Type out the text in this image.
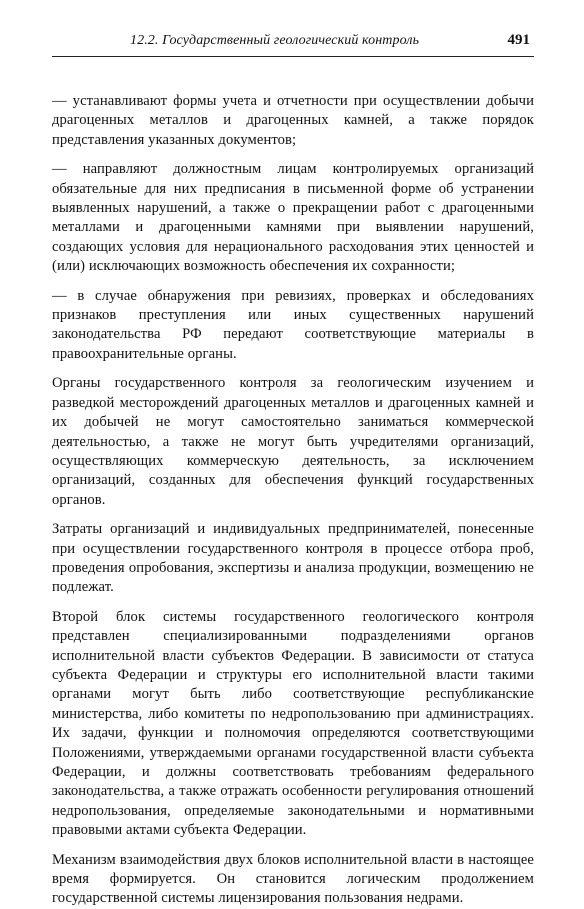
12.2. Государственный геологический контроль	491

— устанавливают формы учета и отчетности при осуществлении добычи драгоценных металлов и драгоценных камней, а также порядок представления указанных документов;

— направляют должностным лицам контролируемых организаций обязательные для них предписания в письменной форме об устранении выявленных нарушений, а также о прекращении работ с драгоценными металлами и драгоценными камнями при выявлении нарушений, создающих условия для нерационального расходования этих ценностей и (или) исключающих возможность обеспечения их сохранности;

— в случае обнаружения при ревизиях, проверках и обследованиях признаков преступления или иных существенных нарушений законодательства РФ передают соответствующие материалы в правоохранительные органы.

Органы государственного контроля за геологическим изучением и разведкой месторождений драгоценных металлов и драгоценных камней и их добычей не могут самостоятельно заниматься коммерческой деятельностью, а также не могут быть учредителями организаций, осуществляющих коммерческую деятельность, за исключением организаций, созданных для обеспечения функций государственных органов.

Затраты организаций и индивидуальных предпринимателей, понесенные при осуществлении государственного контроля в процессе отбора проб, проведения опробования, экспертизы и анализа продукции, возмещению не подлежат.

Второй блок системы государственного геологического контроля представлен специализированными подразделениями органов исполнительной власти субъектов Федерации. В зависимости от статуса субъекта Федерации и структуры его исполнительной власти такими органами могут быть либо соответствующие республиканские министерства, либо комитеты по недропользованию при администрациях. Их задачи, функции и полномочия определяются соответствующими Положениями, утверждаемыми органами государственной власти субъекта Федерации, и должны соответствовать требованиям федерального законодательства, а также отражать особенности регулирования отношений недропользования, определяемые законодательными и нормативными правовыми актами субъекта Федерации.

Механизм взаимодействия двух блоков исполнительной власти в настоящее время формируется. Он становится логическим продолжением государственной системы лицензирования пользования недрами.
